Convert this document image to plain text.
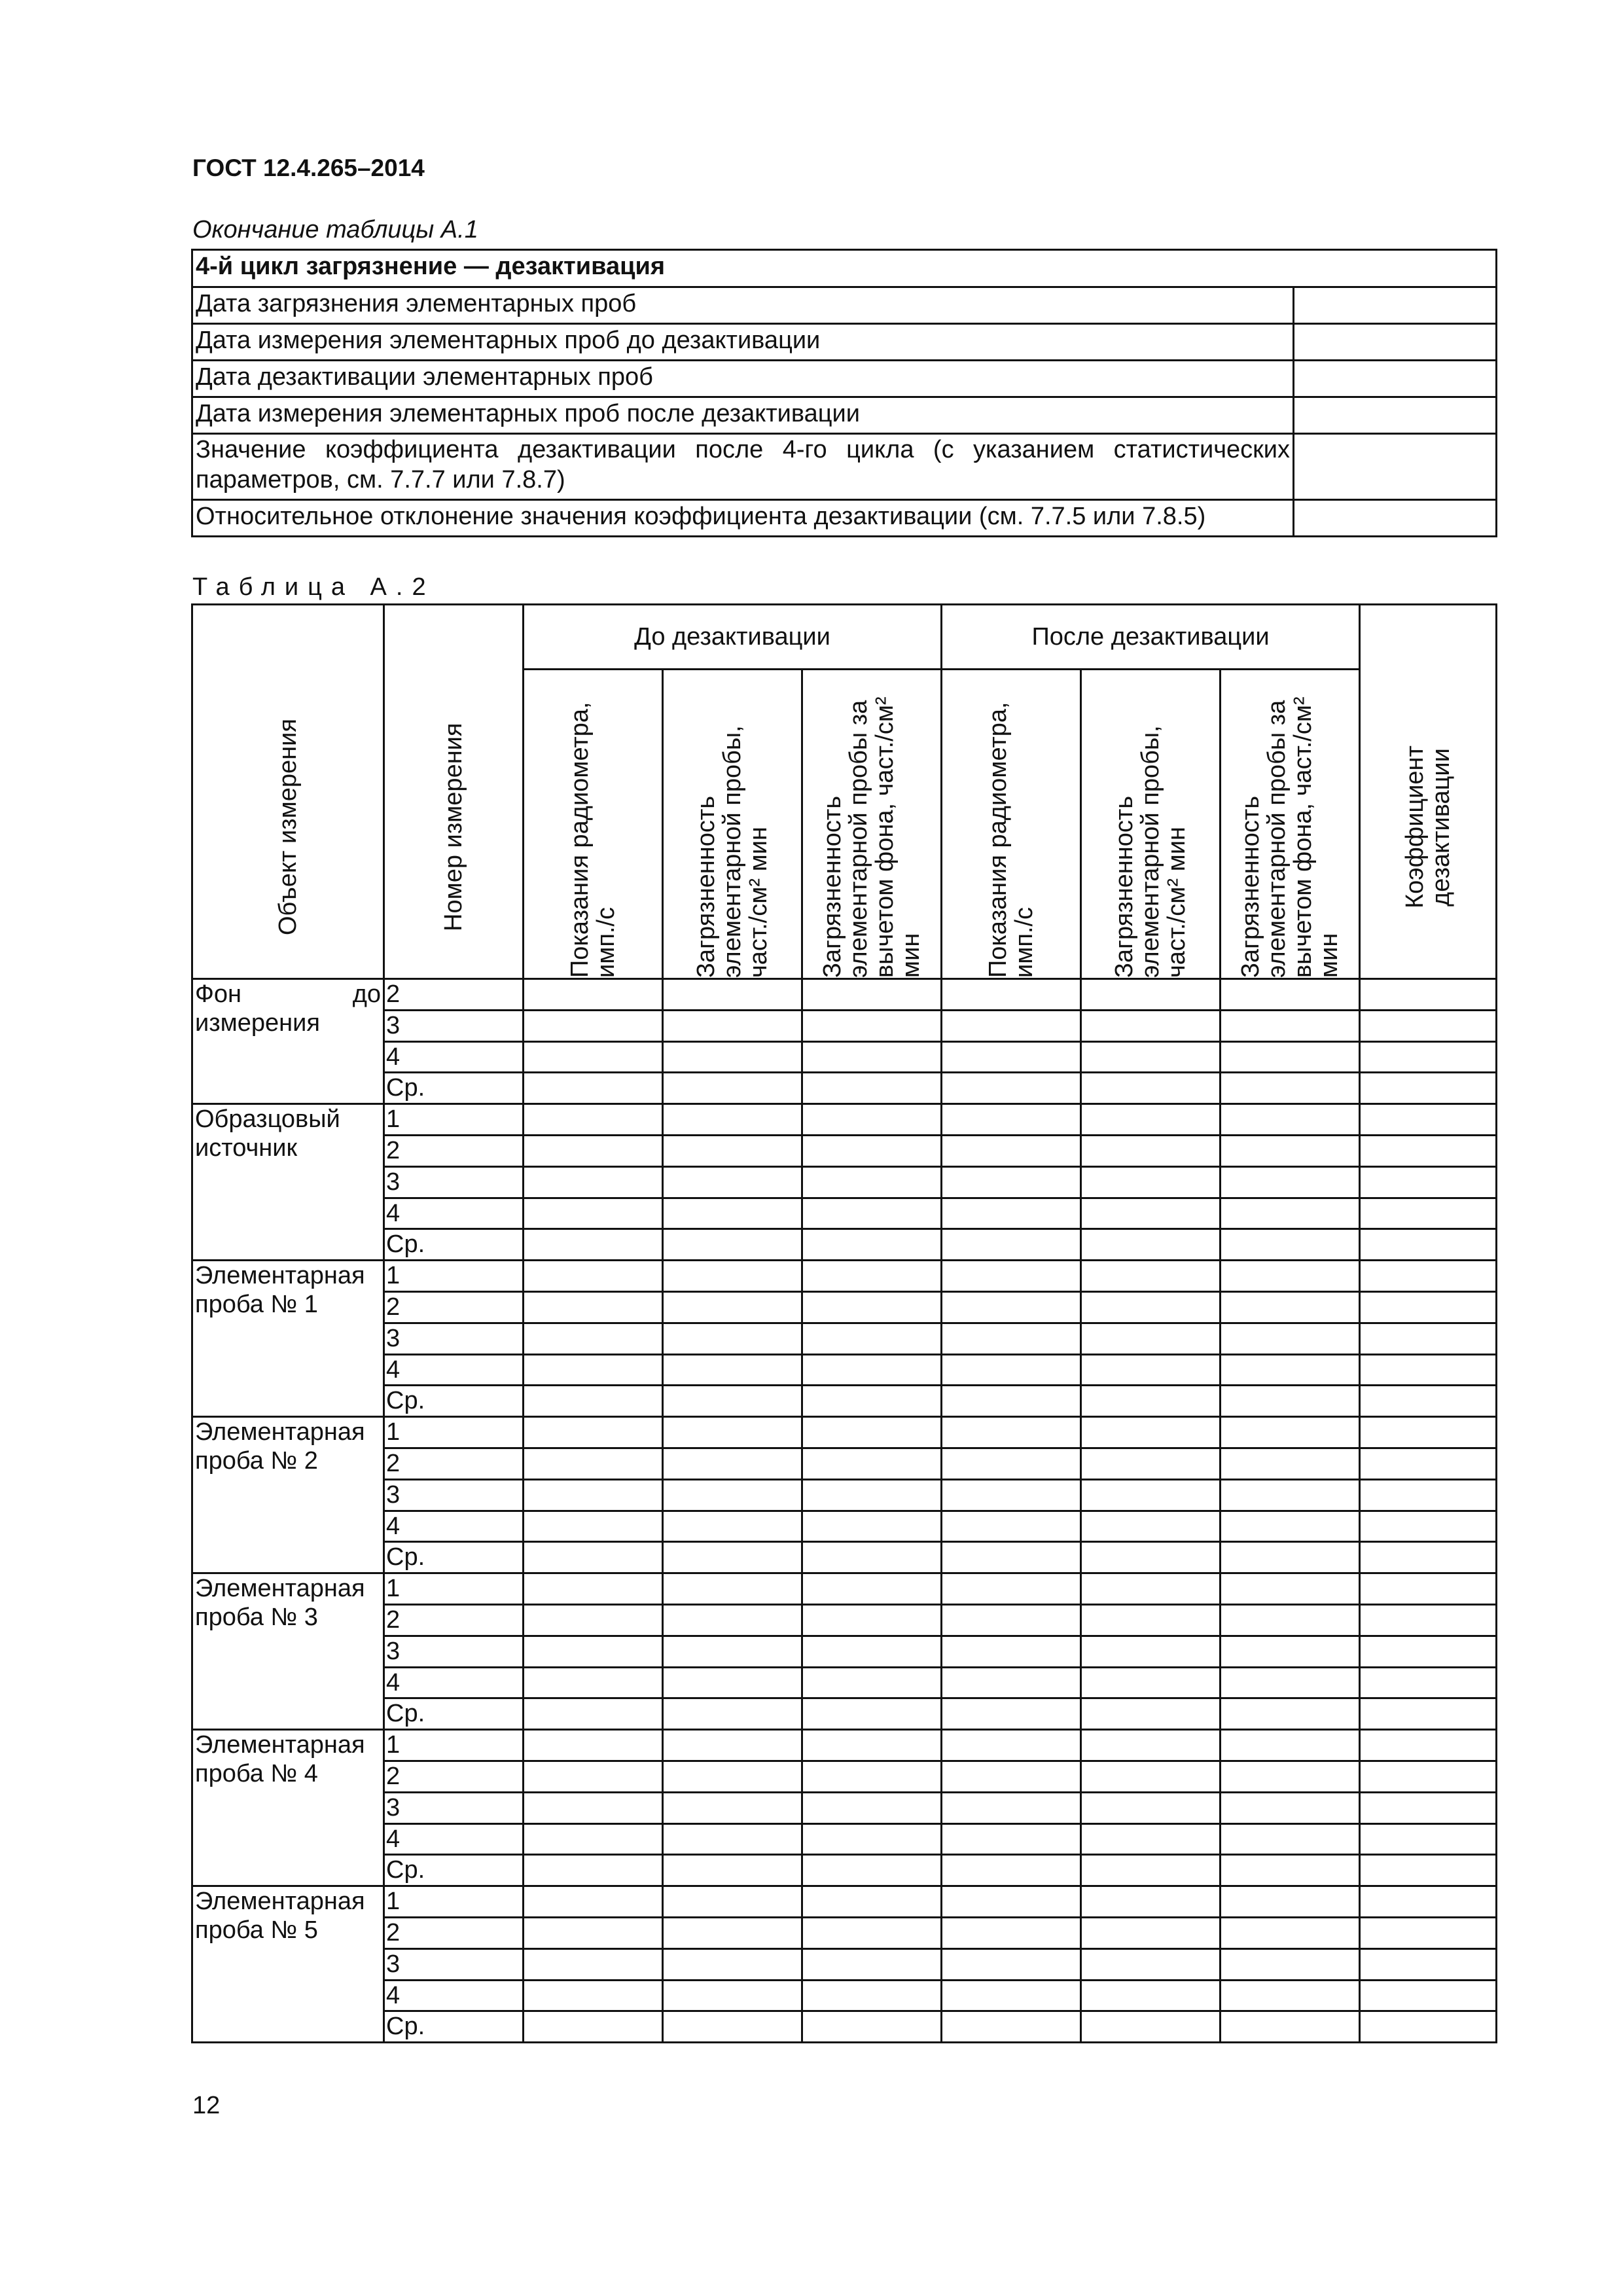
ГОСТ 12.4.265–2014
Окончание таблицы А.1
4-й цикл загрязнение — дезактивация	
Дата загрязнения элементарных проб	
Дата измерения элементарных проб до дезактивации	
Дата дезактивации элементарных проб	
Дата измерения элементарных проб после дезактивации	
Значение коэффициента дезактивации после 4-го цикла (с указанием статистических параметров, см. 7.7.7 или 7.8.7)	
Относительное отклонение значения коэффициента дезактивации (см. 7.7.5 или 7.8.5)	
Таблица А.2
Объект измерения	Номер измерения	До дезактивации			После дезактивации			Коэффициент дезактивации

		Показания радиометра, имп./с	Загрязненность элементарной пробы, част./см² мин	Загрязненность элементарной пробы за вычетом фона, част./см² мин	Показания радиометра, имп./с	Загрязненность элементарной пробы, част./см² мин	Загрязненность элементарной пробы за вычетом фона, част./см² мин	

Фон до
измерения	2							
	3							
	4							
	Ср.							
Образцовый источник	1							
	2							
	3							
	4							
	Ср.							
Элементарная проба № 1	1							
	2							
	3							
	4							
	Ср.							
Элементарная проба № 2	1							
	2							
	3							
	4							
	Ср.							
Элементарная проба № 3	1							
	2							
	3							
	4							
	Ср.							
Элементарная проба № 4	1							
	2							
	3							
	4							
	Ср.							
Элементарная проба № 5	1							
	2							
	3							
	4							
	Ср.							
12
